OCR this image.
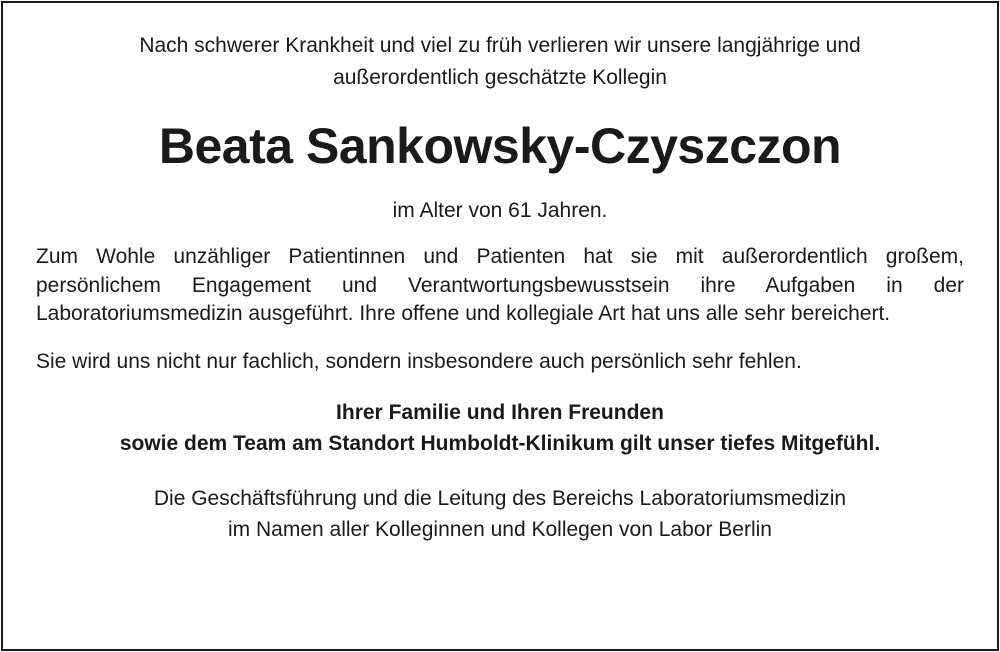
Nach schwerer Krankheit und viel zu früh verlieren wir unsere langjährige und
außerordentlich geschätzte Kollegin

Beata Sankowsky-Czyszczon

im Alter von 61 Jahren.

Zum Wohle unzähliger Patientinnen und Patienten hat sie mit außerordentlich großem, persönlichem Engagement und Verantwortungsbewusstsein ihre Aufgaben in der Laboratoriumsmedizin ausgeführt. Ihre offene und kollegiale Art hat uns alle sehr bereichert.

Sie wird uns nicht nur fachlich, sondern insbesondere auch persönlich sehr fehlen.

Ihrer Familie und Ihren Freunden
sowie dem Team am Standort Humboldt-Klinikum gilt unser tiefes Mitgefühl.

Die Geschäftsführung und die Leitung des Bereichs Laboratoriumsmedizin
im Namen aller Kolleginnen und Kollegen von Labor Berlin
